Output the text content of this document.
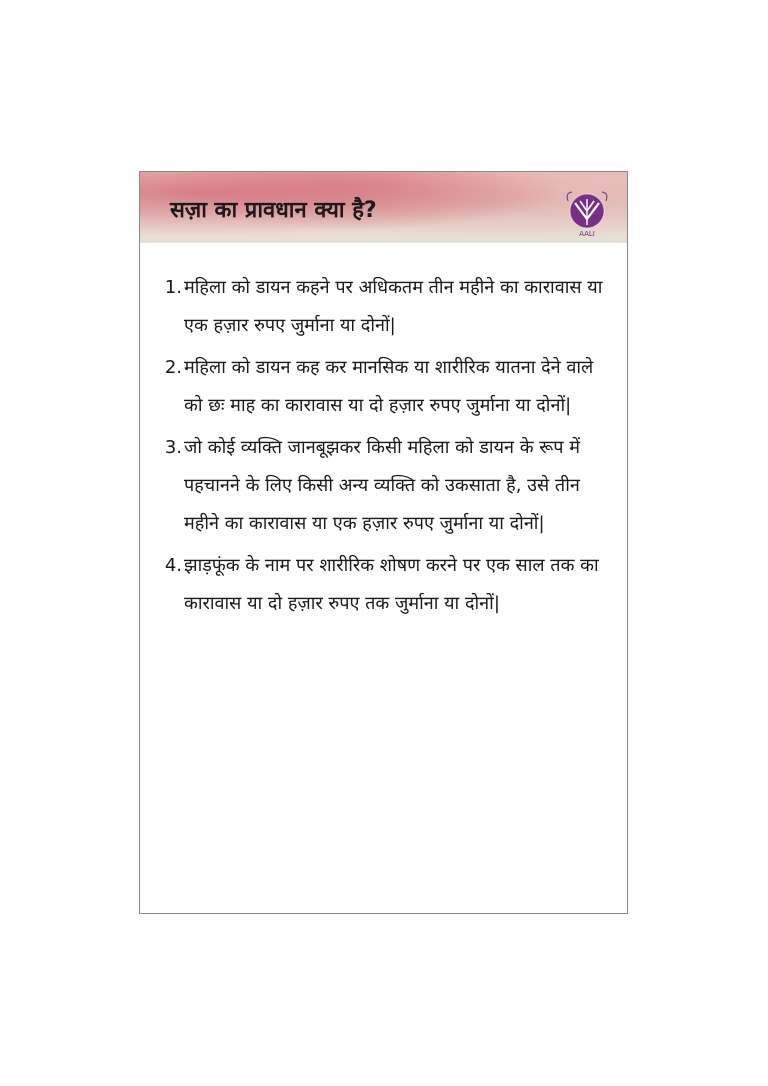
सज़ा का प्रावधान क्या है?
AALI
1. महिला को डायन कहने पर अधिकतम तीन महीने का कारावास या एक हज़ार रुपए जुर्माना या दोनों|
2. महिला को डायन कह कर मानसिक या शारीरिक यातना देने वाले को छः माह का कारावास या दो हज़ार रुपए जुर्माना या दोनों|
3. जो कोई व्यक्ति जानबूझकर किसी महिला को डायन के रूप में पहचानने के लिए किसी अन्य व्यक्ति को उकसाता है, उसे तीन महीने का कारावास या एक हज़ार रुपए जुर्माना या दोनों|
4. झाड़फूंक के नाम पर शारीरिक शोषण करने पर एक साल तक का कारावास या दो हज़ार रुपए तक जुर्माना या दोनों|
